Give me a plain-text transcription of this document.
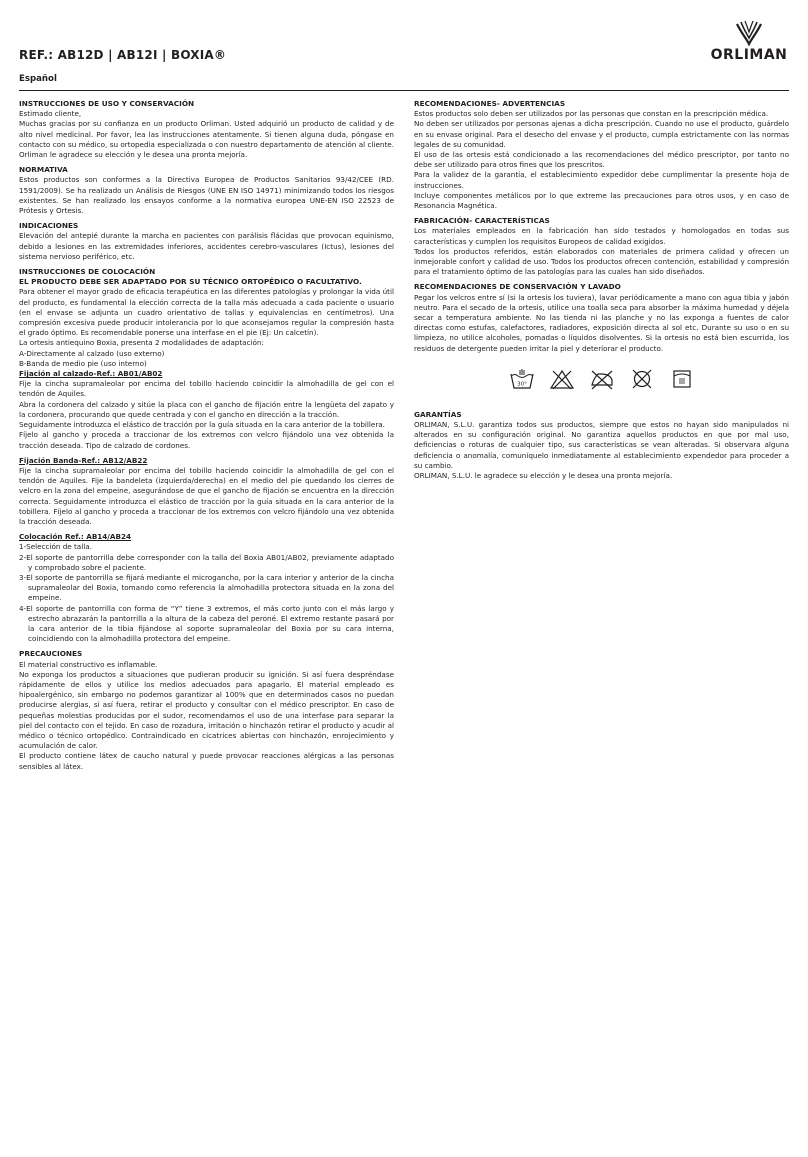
REF.: AB12D | AB12I | BOXIA®	ORLIMAN
Español
INSTRUCCIONES DE USO Y CONSERVACIÓN

Estimado cliente,

Muchas gracias por su confianza en un producto Orliman. Usted adquirió un producto de calidad y de alto nivel medicinal. Por favor, lea las instrucciones atentamente. Si tienen alguna duda, póngase en contacto con su médico, su ortopedia especializada o con nuestro departamento de atención al cliente. Orliman le agradece su elección y le desea una pronta mejoría.

NORMATIVA

Estos productos son conformes a la Directiva Europea de Productos Sanitarios 93/42/CEE (RD. 1591/2009). Se ha realizado un Análisis de Riesgos (UNE EN ISO 14971) minimizando todos los riesgos existentes. Se han realizado los ensayos conforme a la normativa europea UNE-EN ISO 22523 de Prótesis y Ortesis.

INDICACIONES

Elevación del antepié durante la marcha en pacientes con parálisis flácidas que provocan equinismo, debido a lesiones en las extremidades inferiores, accidentes cerebro-vasculares (Ictus), lesiones del sistema nervioso periférico, etc.

INSTRUCCIONES DE COLOCACIÓN
EL PRODUCTO DEBE SER ADAPTADO POR SU TÉCNICO ORTOPÉDICO O FACULTATIVO.

Para obtener el mayor grado de eficacia terapéutica en las diferentes patologías y prolongar la vida útil del producto, es fundamental la elección correcta de la talla más adecuada a cada paciente o usuario (en el envase se adjunta un cuadro orientativo de tallas y equivalencias en centímetros). Una compresión excesiva puede producir intolerancia por lo que aconsejamos regular la compresión hasta el grado óptimo. Es recomendable ponerse una interfase en el pie (Ej: Un calcetín).

La ortesis antiequino Boxia, presenta 2 modalidades de adaptación:

A-Directamente al calzado (uso externo)

B-Banda de medio pie (uso interno)

Fijación al calzado-Ref.: AB01/AB02

Fije la cincha supramaleolar por encima del tobillo haciendo coincidir la almohadilla de gel con el tendón de Aquiles.

Abra la cordonera del calzado y sitúe la placa con el gancho de fijación entre la lengüeta del zapato y la cordonera, procurando que quede centrada y con el gancho en dirección a la tracción.

Seguidamente introduzca el elástico de tracción por la guía situada en la cara anterior de la tobillera.

Fíjelo al gancho y proceda a traccionar de los extremos con velcro fijándolo una vez obtenida la tracción deseada. Tipo de calzado de cordones.

Fijación Banda-Ref.: AB12/AB22

Fije la cincha supramaleolar por encima del tobillo haciendo coincidir la almohadilla de gel con el tendón de Aquiles. Fije la bandeleta (izquierda/derecha) en el medio del pie quedando los cierres de velcro en la zona del empeine, asegurándose de que el gancho de fijación se encuentra en la dirección correcta. Seguidamente introduzca el elástico de tracción por la guía situada en la cara anterior de la tobillera. Fíjelo al gancho y proceda a traccionar de los extremos con velcro fijándolo una vez obtenida la tracción deseada.

Colocación Ref.: AB14/AB24

1-Selección de talla.
2-El soporte de pantorrilla debe corresponder con la talla del Boxia AB01/AB02, previamente adaptado y comprobado sobre el paciente.
3-El soporte de pantorrilla se fijará mediante el microgancho, por la cara interior y anterior de la cincha supramaleolar del Boxia, tomando como referencia la almohadilla protectora situada en la zona del empeine.
4-El soporte de pantorrilla con forma de “Y” tiene 3 extremos, el más corto junto con el más largo y estrecho abrazarán la pantorrilla a la altura de la cabeza del peroné. El extremo restante pasará por la cara anterior de la tibia fijándose al soporte supramaleolar del Boxia por su cara interna, coincidiendo con la almohadilla protectora del empeine.
PRECAUCIONES

El material constructivo es inflamable.

No exponga los productos a situaciones que pudieran producir su ignición. Si así fuera despréndase rápidamente de ellos y utilice los medios adecuados para apagarlo. El material empleado es hipoalergénico, sin embargo no podemos garantizar al 100% que en determinados casos no puedan producirse alergias, si así fuera, retirar el producto y consultar con el médico prescriptor. En caso de pequeñas molestias producidas por el sudor, recomendamos el uso de una interfase para separar la piel del contacto con el tejido. En caso de rozadura, irritación o hinchazón retirar el producto y acudir al médico o técnico ortopédico. Contraindicado en cicatrices abiertas con hinchazón, enrojecimiento y acumulación de calor.

El producto contiene látex de caucho natural y puede provocar reacciones alérgicas a las personas sensibles al látex.

RECOMENDACIONES- ADVERTENCIAS

Estos productos solo deben ser utilizados por las personas que constan en la prescripción médica.

No deben ser utilizados por personas ajenas a dicha prescripción. Cuando no use el producto, guárdelo en su envase original. Para el desecho del envase y el producto, cumpla estrictamente con las normas legales de su comunidad.

El uso de las ortesis está condicionado a las recomendaciones del médico prescriptor, por tanto no debe ser utilizado para otros fines que los prescritos.

Para la validez de la garantía, el establecimiento expedidor debe cumplimentar la presente hoja de instrucciones.

Incluye componentes metálicos por lo que extreme las precauciones para otros usos, y en caso de Resonancia Magnética.

FABRICACIÓN- CARACTERÍSTICAS

Los materiales empleados en la fabricación han sido testados y homologados en todas sus características y cumplen los requisitos Europeos de calidad exigidos.

Todos los productos referidos, están elaborados con materiales de primera calidad y ofrecen un inmejorable confort y calidad de uso. Todos los productos ofrecen contención, estabilidad y compresión para el tratamiento óptimo de las patologías para las cuales han sido diseñados.

RECOMENDACIONES DE CONSERVACIÓN Y LAVADO

Pegar los velcros entre sí (si la ortesis los tuviera), lavar periódicamente a mano con agua tibia y jabón neutro. Para el secado de la ortesis, utilice una toalla seca para absorber la máxima humedad y déjela secar a temperatura ambiente. No las tienda ni las planche y no las exponga a fuentes de calor directas como estufas, calefactores, radiadores, exposición directa al sol etc. Durante su uso o en su limpieza, no utilice alcoholes, pomadas o líquidos disolventes. Si la ortesis no está bien escurrida, los residuos de detergente pueden irritar la piel y deteriorar el producto.

30°
GARANTÍAS

ORLIMAN, S.L.U. garantiza todos sus productos, siempre que estos no hayan sido manipulados ni alterados en su configuración original. No garantiza aquellos productos en que por mal uso, deficiencias o roturas de cualquier tipo, sus características se vean alteradas. Si observara alguna deficiencia o anomalía, comuníquelo inmediatamente al establecimiento expendedor para proceder a su cambio.

ORLIMAN, S.L.U. le agradece su elección y le desea una pronta mejoría.
